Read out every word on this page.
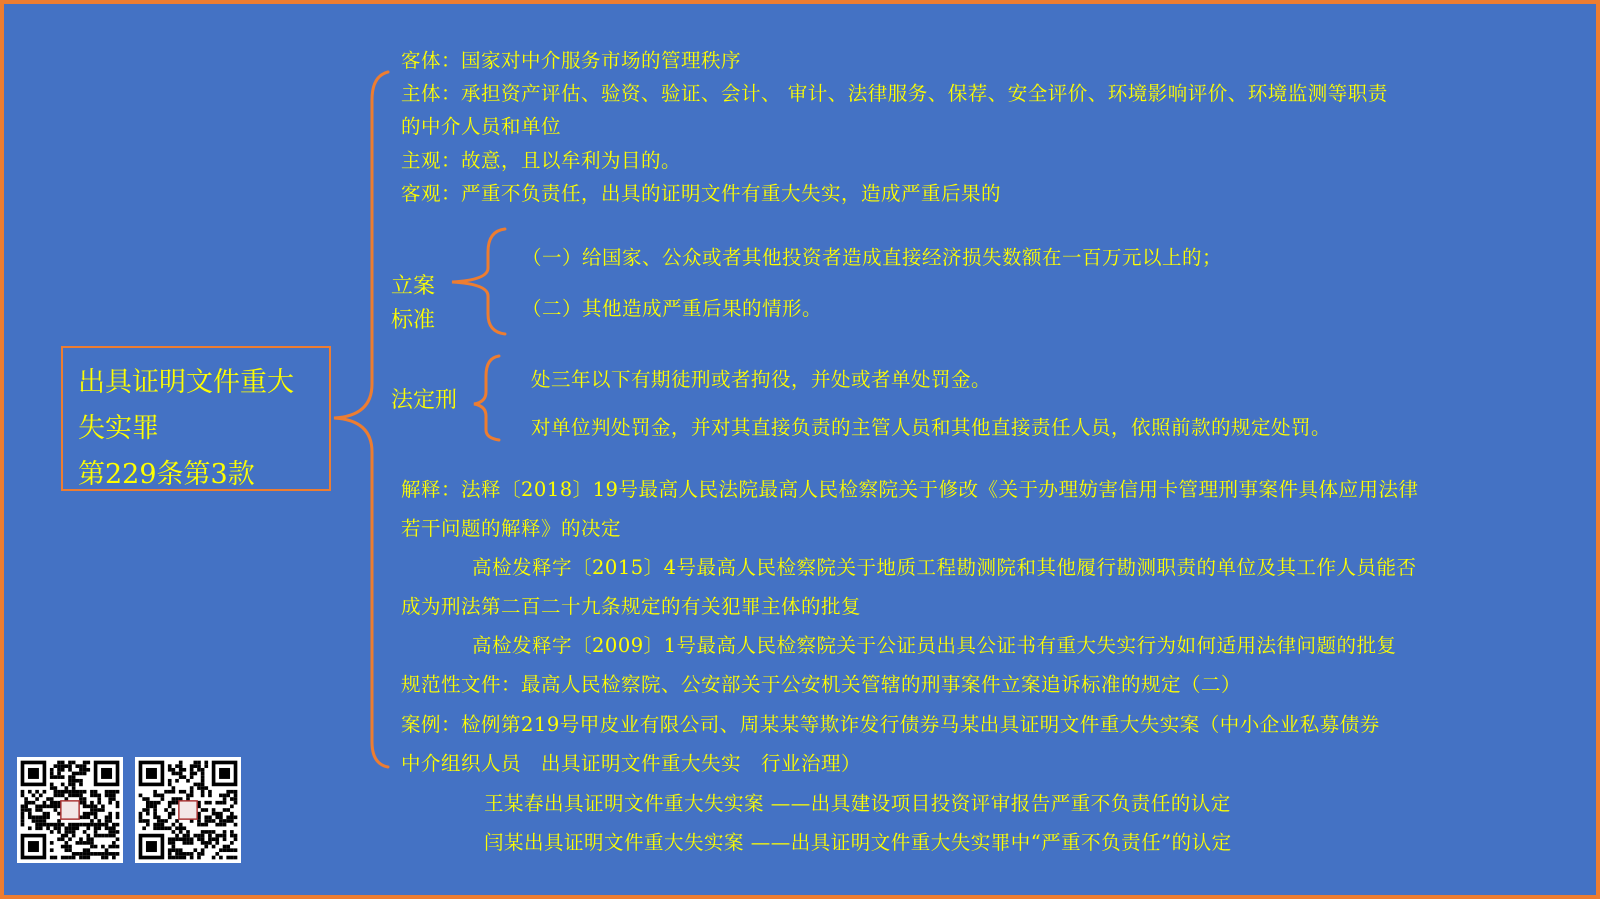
出具证明文件重大
失实罪
第229条第3款
客体：国家对中介服务市场的管理秩序
主体：承担资产评估、验资、验证、会计、 审计、法律服务、保荐、安全评价、环境影响评价、环境监测等职责
的中介人员和单位
主观：故意，且以牟利为目的。
客观：严重不负责任，出具的证明文件有重大失实，造成严重后果的
立案
标准
（一）给国家、公众或者其他投资者造成直接经济损失数额在一百万元以上的；
（二）其他造成严重后果的情形。
法定刑
处三年以下有期徒刑或者拘役，并处或者单处罚金。
对单位判处罚金，并对其直接负责的主管人员和其他直接责任人员，依照前款的规定处罚。
解释：法释〔2018〕19号最高人民法院最高人民检察院关于修改《关于办理妨害信用卡管理刑事案件具体应用法律
若干问题的解释》的决定
高检发释字〔2015〕4号最高人民检察院关于地质工程勘测院和其他履行勘测职责的单位及其工作人员能否
成为刑法第二百二十九条规定的有关犯罪主体的批复
高检发释字〔2009〕1号最高人民检察院关于公证员出具公证书有重大失实行为如何适用法律问题的批复
规范性文件：最高人民检察院、公安部关于公安机关管辖的刑事案件立案追诉标准的规定（二）
案例：检例第219号甲皮业有限公司、周某某等欺诈发行债券马某出具证明文件重大失实案（中小企业私募债券
中介组织人员　出具证明文件重大失实　行业治理）
王某春出具证明文件重大失实案 ——出具建设项目投资评审报告严重不负责任的认定
闫某出具证明文件重大失实案 ——出具证明文件重大失实罪中“严重不负责任”的认定
